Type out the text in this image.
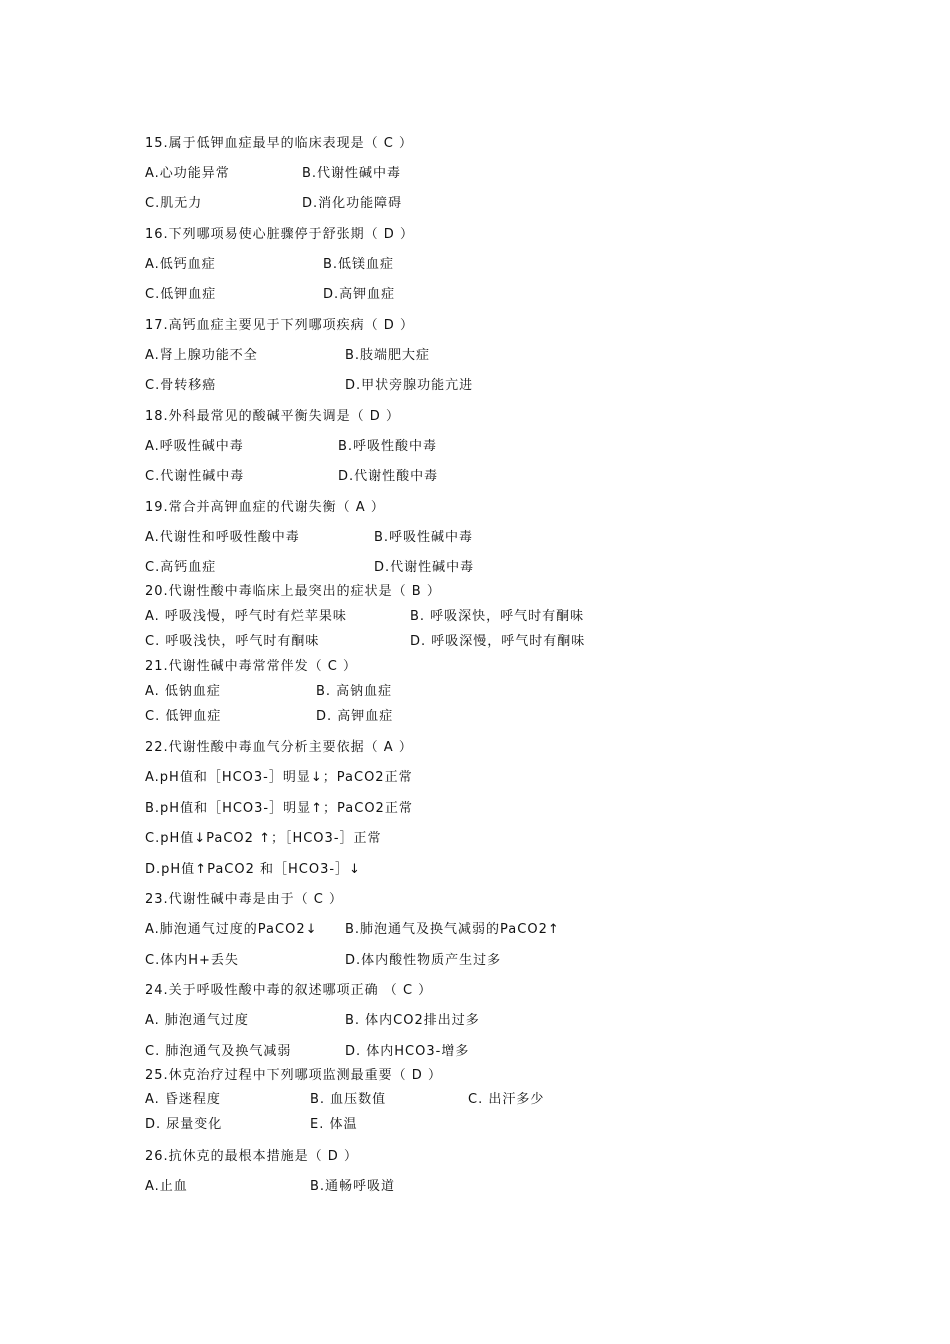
15.属于低钾血症最早的临床表现是（ C ）
A.心功能异常	B.代谢性碱中毒
C.肌无力	D.消化功能障碍
16.下列哪项易使心脏骤停于舒张期（ D ）
A.低钙血症	B.低镁血症
C.低钾血症	D.高钾血症
17.高钙血症主要见于下列哪项疾病（ D ）
A.肾上腺功能不全	B.肢端肥大症
C.骨转移癌	D.甲状旁腺功能亢进
18.外科最常见的酸碱平衡失调是（ D ）
A.呼吸性碱中毒	B.呼吸性酸中毒
C.代谢性碱中毒	D.代谢性酸中毒
19.常合并高钾血症的代谢失衡（ A ）
A.代谢性和呼吸性酸中毒	B.呼吸性碱中毒
C.高钙血症	D.代谢性碱中毒
20.代谢性酸中毒临床上最突出的症状是（ B ）
A. 呼吸浅慢，呼气时有烂苹果味	B. 呼吸深快，呼气时有酮味
C. 呼吸浅快，呼气时有酮味	D. 呼吸深慢，呼气时有酮味
21.代谢性碱中毒常常伴发（ C ）
A. 低钠血症	B. 高钠血症
C. 低钾血症	D. 高钾血症
22.代谢性酸中毒血气分析主要依据（ A ）
A.pH值和［HCO3-］明显↓；PaCO2正常
B.pH值和［HCO3-］明显↑；PaCO2正常
C.pH值↓PaCO2 ↑；［HCO3-］正常
D.pH值↑PaCO2 和［HCO3-］↓
23.代谢性碱中毒是由于（ C ）
A.肺泡通气过度的PaCO2↓ B.肺泡通气及换气减弱的PaCO2↑
C.体内H+丢失	D.体内酸性物质产生过多
24.关于呼吸性酸中毒的叙述哪项正确 （ C ）
A. 肺泡通气过度	B. 体内CO2排出过多
C. 肺泡通气及换气减弱	D. 体内HCO3-增多
25.休克治疗过程中下列哪项监测最重要（ D ）
A. 昏迷程度	B. 血压数值	C. 出汗多少
D. 尿量变化	E. 体温
26.抗休克的最根本措施是（ D ）
A.止血	B.通畅呼吸道
